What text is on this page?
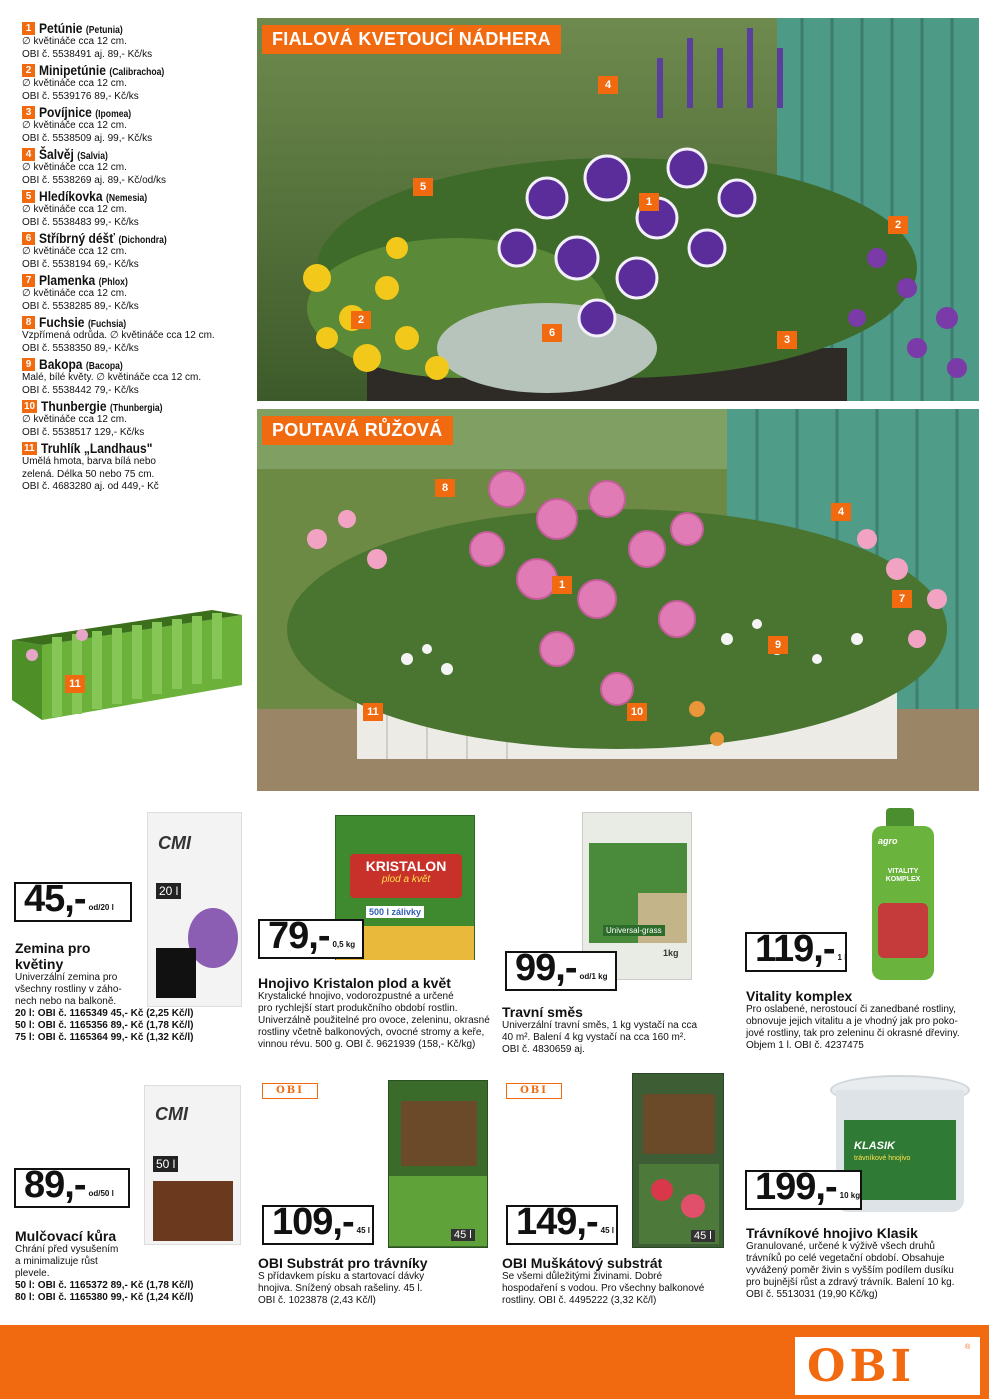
1 Petúnie (Petunia)
∅ květináče cca 12 cm.
OBI č. 5538491 aj. 89,- Kč/ks
2 Minipetúnie (Calibrachoa)
∅ květináče cca 12 cm.
OBI č. 5539176 89,- Kč/ks
3 Povíjnice (Ipomea)
∅ květináče cca 12 cm.
OBI č. 5538509 aj. 99,- Kč/ks
4 Šalvěj (Salvia)
∅ květináče cca 12 cm.
OBI č. 5538269 aj. 89,- Kč/od/ks
5 Hledíkovka (Nemesia)
∅ květináče cca 12 cm.
OBI č. 5538483 99,- Kč/ks
6 Stříbrný déšť (Dichondra)
∅ květináče cca 12 cm.
OBI č. 5538194 69,- Kč/ks
7 Plamenka (Phlox)
∅ květináče cca 12 cm.
OBI č. 5538285 89,- Kč/ks
8 Fuchsie (Fuchsia)
Vzpřímená odrůda. ∅ květináče cca 12 cm.
OBI č. 5538350 89,- Kč/ks
9 Bakopa (Bacopa)
Malé, bílé květy. ∅ květináče cca 12 cm.
OBI č. 5538442 79,- Kč/ks
10 Thunbergie (Thunbergia)
∅ květináče cca 12 cm.
OBI č. 5538517 129,- Kč/ks
11 Truhlík „Landhaus"
Umělá hmota, barva bílá nebo
zelená. Délka 50 nebo 75 cm.
OBI č. 4683280 aj. od 449,- Kč
4
5
1
2
2
6
3
FIALOVÁ KVETOUCÍ NÁDHERA
8
4
1
7
9
11	10
POUTAVÁ RŮŽOVÁ
11
CMI
20 l
45,- od/20 l
Zemina pro
květiny
Univerzální zemina pro
všechny rostliny v záho-
nech nebo na balkoně.
20 l: OBI č. 1165349 45,- Kč (2,25 Kč/l)
50 l: OBI č. 1165356 89,- Kč (1,78 Kč/l)
75 l: OBI č. 1165364 99,- Kč (1,32 Kč/l)
KRISTALON
plod a květ
500 l zálivky
79,- 0,5 kg
Hnojivo Kristalon plod a květ
Krystalické hnojivo, vodorozpustné a určené
pro rychlejší start produkčního období rostlin.
Univerzálně použitelné pro ovoce, zeleninu, okrasné
rostliny včetně balkonových, ovocné stromy a keře,
vinnou révu. 500 g. OBI č. 9621939 (158,- Kč/kg)
Universal-grass
1kg
99,- od/1 kg
Travní směs
Univerzální travní směs, 1 kg vystačí na cca
40 m². Balení 4 kg vystačí na cca 160 m².
OBI č. 4830659 aj.
agro
VITALITY KOMPLEX
119,- 1 l
Vitality komplex
Pro oslabené, nerostoucí či zanedbané rostliny,
obnovuje jejich vitalitu a je vhodný jak pro poko-
jové rostliny, tak pro zeleninu či okrasné dřeviny.
Objem 1 l. OBI č. 4237475
CMI
50 l
89,- od/50 l
Mulčovací kůra
Chrání před vysušením
a minimalizuje růst
plevele.
50 l: OBI č. 1165372 89,- Kč (1,78 Kč/l)
80 l: OBI č. 1165380 99,- Kč (1,24 Kč/l)
OBI
45 l
109,- 45 l
OBI Substrát pro trávníky
S přídavkem písku a startovací dávky
hnojiva. Snížený obsah rašeliny. 45 l.
OBI č. 1023878 (2,43 Kč/l)
OBI
45 l
149,- 45 l
OBI Muškátový substrát
Se všemi důležitými živinami. Dobré
hospodaření s vodou. Pro všechny balkonové
rostliny. OBI č. 4495222 (3,32 Kč/l)
KLASIK
trávníkové hnojivo
199,- 10 kg
Trávníkové hnojivo Klasik
Granulované, určené k výživě všech druhů
trávníků po celé vegetační období. Obsahuje
vyvážený poměr živin s vyšším podílem dusíku
pro bujnější růst a zdravý trávník. Balení 10 kg.
OBI č. 5513031 (19,90 Kč/kg)
OBI	®
